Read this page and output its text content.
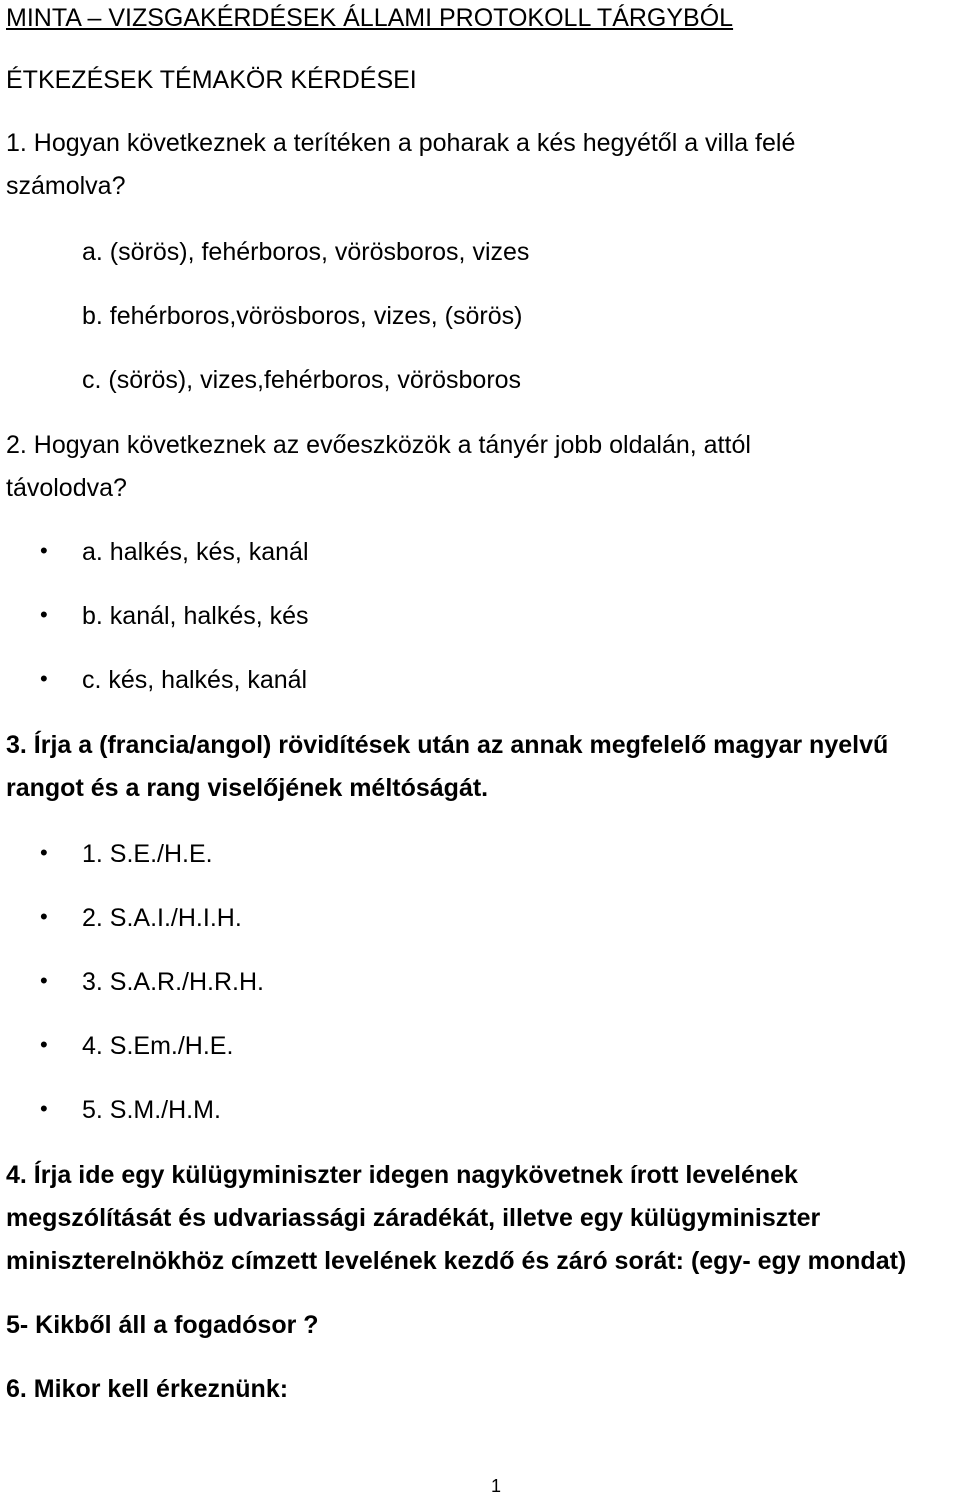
MINTA – VIZSGAKÉRDÉSEK ÁLLAMI PROTOKOLL TÁRGYBÓL
ÉTKEZÉSEK TÉMAKÖR KÉRDÉSEI
1. Hogyan következnek a terítéken a poharak a kés hegyétől a villa felé
számolva?
a. (sörös), fehérboros, vörösboros, vizes
b. fehérboros,vörösboros, vizes, (sörös)
c. (sörös), vizes,fehérboros, vörösboros
2. Hogyan következnek az evőeszközök a tányér jobb oldalán, attól
távolodva?
• a. halkés, kés, kanál
• b. kanál, halkés, kés
• c. kés, halkés, kanál
3. Írja a (francia/angol) rövidítések után az annak megfelelő magyar nyelvű
rangot és a rang viselőjének méltóságát.
• 1. S.E./H.E.
• 2. S.A.I./H.I.H.
• 3. S.A.R./H.R.H.
• 4. S.Em./H.E.
• 5. S.M./H.M.
4. Írja ide egy külügyminiszter idegen nagykövetnek írott levelének
megszólítását és udvariassági záradékát, illetve egy külügyminiszter
miniszterelnökhöz címzett levelének kezdő és záró sorát: (egy- egy mondat)
5- Kikből áll a fogadósor ?
6. Mikor kell érkeznünk:
1
